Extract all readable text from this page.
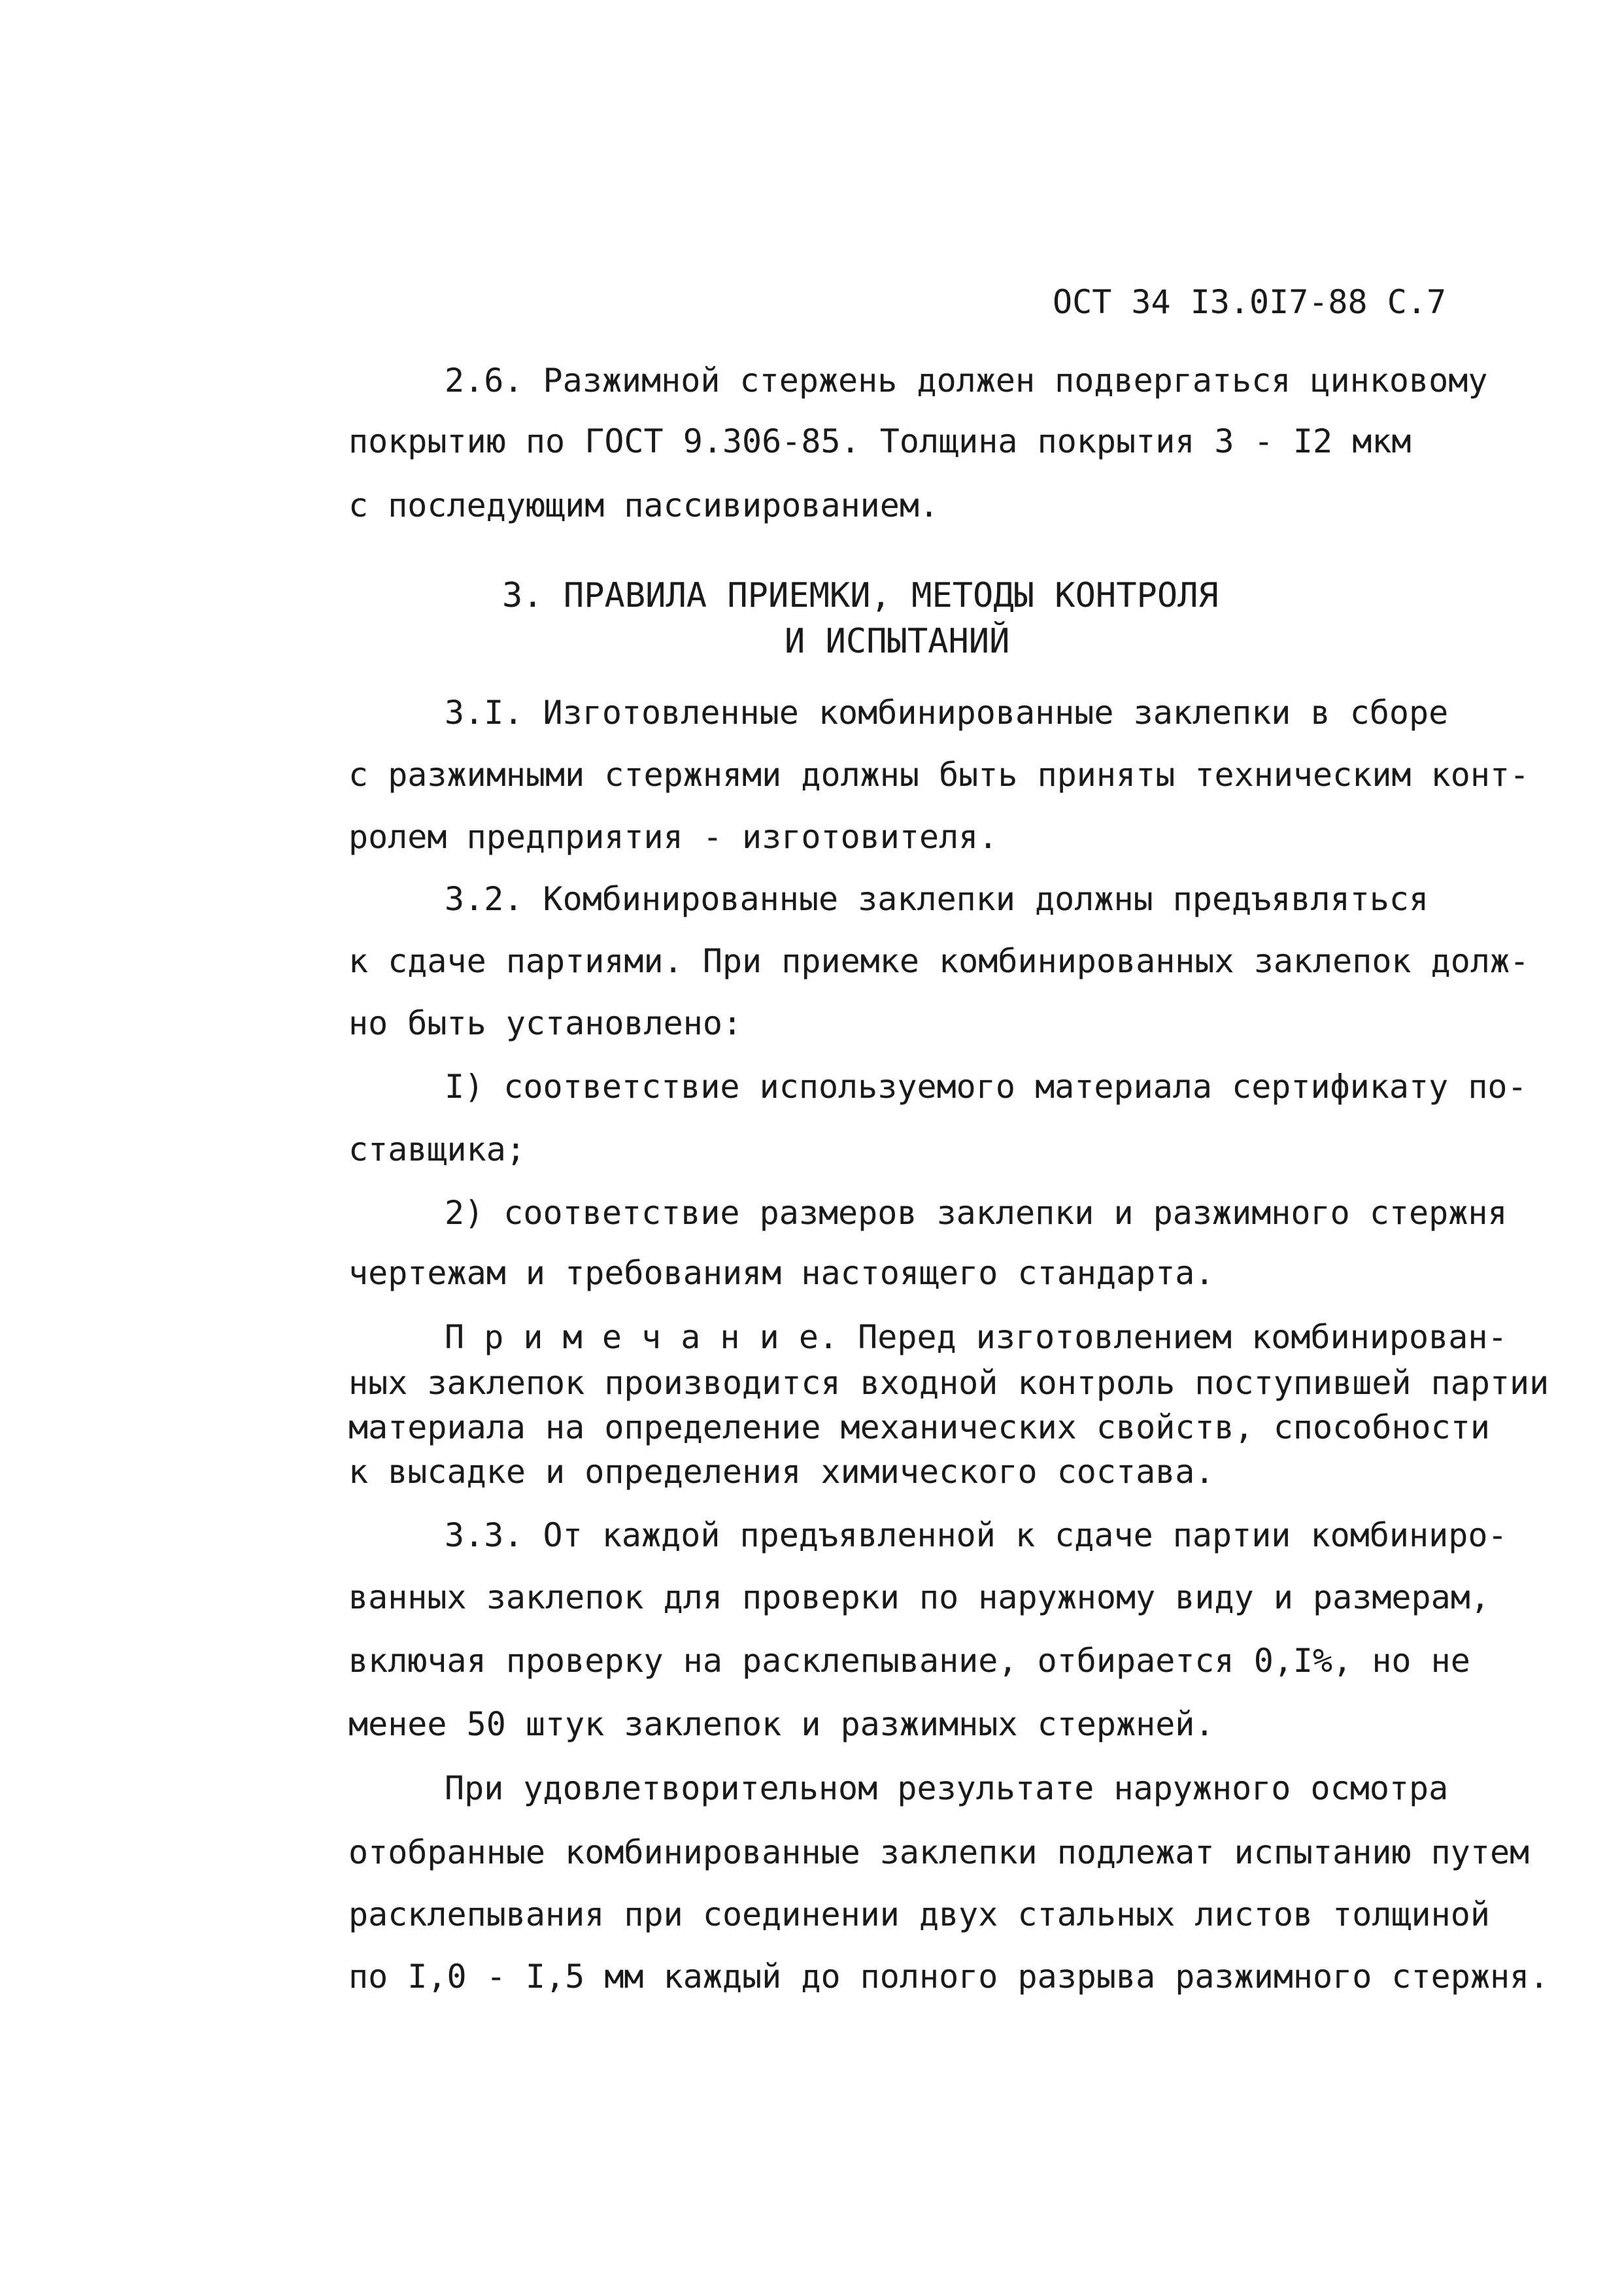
ОСТ 34 I3.0I7-88 С.7
2.6. Разжимной стержень должен подвергаться цинковому
покрытию по ГОСТ 9.306-85. Толщина покрытия 3 - I2 мкм
с последующим пассивированием.
3. ПРАВИЛА ПРИЕМКИ, МЕТОДЫ КОНТРОЛЯ
И ИСПЫТАНИЙ
3.I. Изготовленные комбинированные заклепки в сборе
с разжимными стержнями должны быть приняты техническим конт-
ролем предприятия - изготовителя.
3.2. Комбинированные заклепки должны предъявляться
к сдаче партиями. При приемке комбинированных заклепок долж-
но быть установлено:
I) соответствие используемого материала сертификату по-
ставщика;
2) соответствие размеров заклепки и разжимного стержня
чертежам и требованиям настоящего стандарта.
П р и м е ч а н и е. Перед изготовлением комбинирован-
ных заклепок производится входной контроль поступившей партии
материала на определение механических свойств, способности
к высадке и определения химического состава.
3.3. От каждой предъявленной к сдаче партии комбиниро-
ванных заклепок для проверки по наружному виду и размерам,
включая проверку на расклепывание, отбирается 0,I%, но не
менее 50 штук заклепок и разжимных стержней.
При удовлетворительном результате наружного осмотра
отобранные комбинированные заклепки подлежат испытанию путем
расклепывания при соединении двух стальных листов толщиной
по I,0 - I,5 мм каждый до полного разрыва разжимного стержня.
